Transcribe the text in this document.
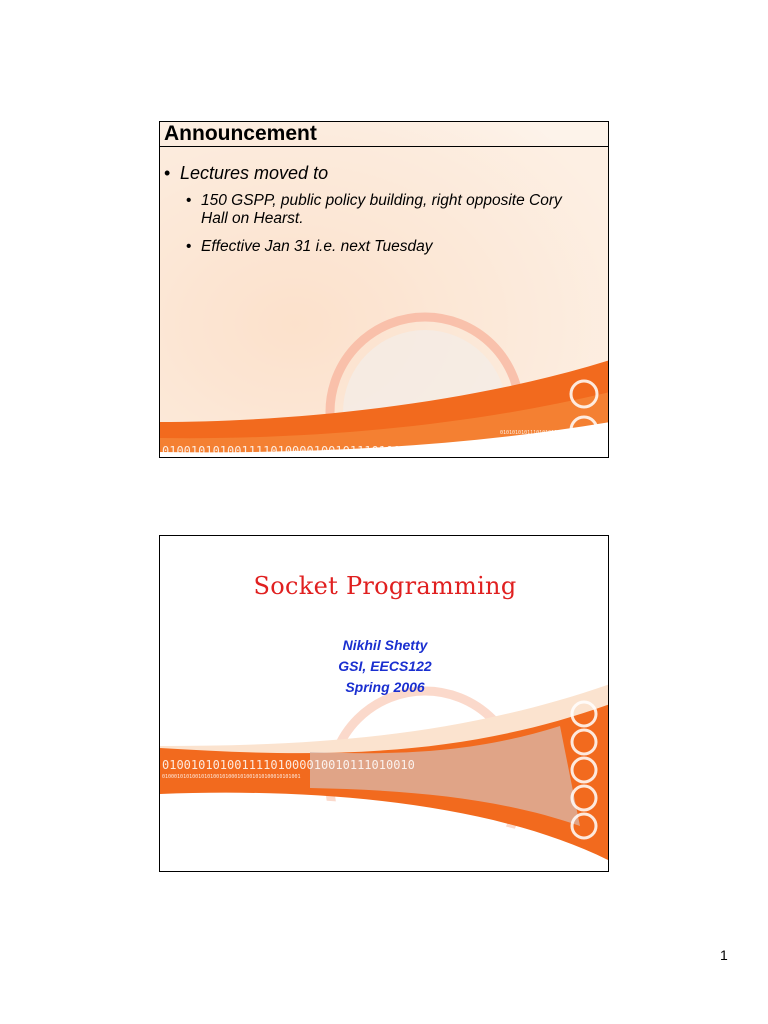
Announcement
• Lectures moved to
• 150 GSPP, public policy building, right opposite Cory Hall on Hearst.
• Effective Jan 31 i.e. next Tuesday
01001010100111101000010010111010010
0101010101110101010111010101
Socket Programming
Nikhil Shetty
GSI, EECS122
Spring 2006
01001010100111101000010010111010010
0100010101001010100101000101001010100010101001
1
